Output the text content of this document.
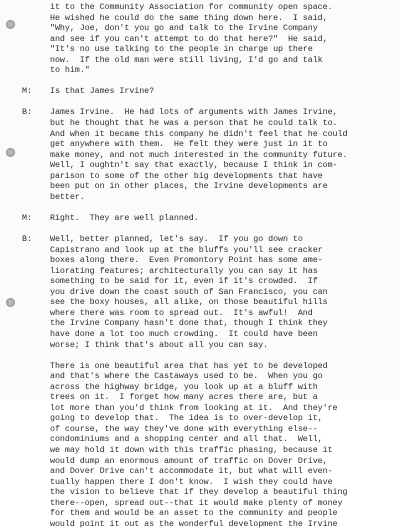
it to the Community Association for community open space.
He wished he could do the same thing down here.  I said,
"Why, Joe, don't you go and talk to the Irvine Company
and see if you can't attempt to do that here?"  He said,
"It's no use talking to the people in charge up there
now.  If the old man were still living, I'd go and talk
to him."
M: Is that James Irvine?
B: James Irvine.  He had lots of arguments with James Irvine,
but he thought that he was a person that he could talk to.
And when it became this company he didn't feel that he could
get anywhere with them.  He felt they were just in it to
make money, and not much interested in the community future.
Well, I oughtn't say that exactly, because I think in com-
parison to some of the other big developments that have
been put on in other places, the Irvine developments are
better.
M: Right.  They are well planned.
B: Well, better planned, let's say.  If you go down to
Capistrano and look up at the bluffs you'll see cracker
boxes along there.  Even Promontory Point has some ame-
liorating features; architecturally you can say it has
something to be said for it, even if it's crowded.  If
you drive down the coast south of San Francisco, you can
see the boxy houses, all alike, on those beautiful hills
where there was room to spread out.  It's awful!  And
the Irvine Company hasn't done that, though I think they
have done a lot too much crowding.  It could have been
worse; I think that's about all you can say.
There is one beautiful area that has yet to be developed
and that's where the Castaways used to be.  When you go
across the highway bridge, you look up at a bluff with
trees on it.  I forget how many acres there are, but a
lot more than you'd think from looking at it.  And they're
going to develop that.  The idea is to over-develop it,
of course, the way they've done with everything else--
condominiums and a shopping center and all that.  Well,
we may hold it down with this traffic phasing, because it
would dump an enormous amount of traffic on Dover Drive,
and Dover Drive can't accommodate it, but what will even-
tually happen there I don't know.  I wish they could have
the vision to believe that if they develop a beautiful thing
there--open, spread out--that it would make plenty of money
for them and would be an asset to the community and people
would point it out as the wonderful development the Irvine
